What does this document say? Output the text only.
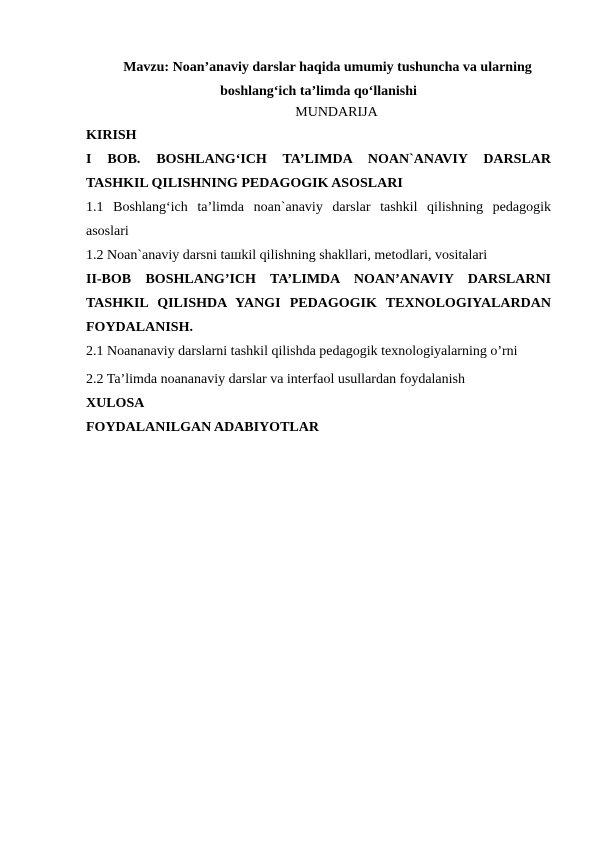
Mavzu: Noan’anaviy darslar haqida umumiy tushuncha va ularning
boshlang‘ich ta’limda qo‘llanishi
MUNDARIJA
KIRISH
I BOB. BOSHLANG‘ICH TA’LIMDA NOAN`ANAVIY DARSLAR
TASHKIL QILISHNING PEDAGOGIK ASOSLARI
1.1 Boshlang‘ich ta’limda noan`anaviy darslar tashkil qilishning pedagogik
asoslari
1.2 Noan`anaviy darsni taшkil qilishning shakllari, metodlari, vositalari
II-BOB BOSHLANG’ICH TA’LIMDA NOAN’ANAVIY DARSLARNI
TASHKIL QILISHDA YANGI PEDAGOGIK TEXNOLOGIYALARDAN
FOYDALANISH.
2.1 Noananaviy darslarni tashkil qilishda pedagogik texnologiyalarning o’rni
2.2 Ta’limda noananaviy darslar va interfaol usullardan foydalanish
XULOSA
FOYDALANILGAN ADABIYOTLAR
